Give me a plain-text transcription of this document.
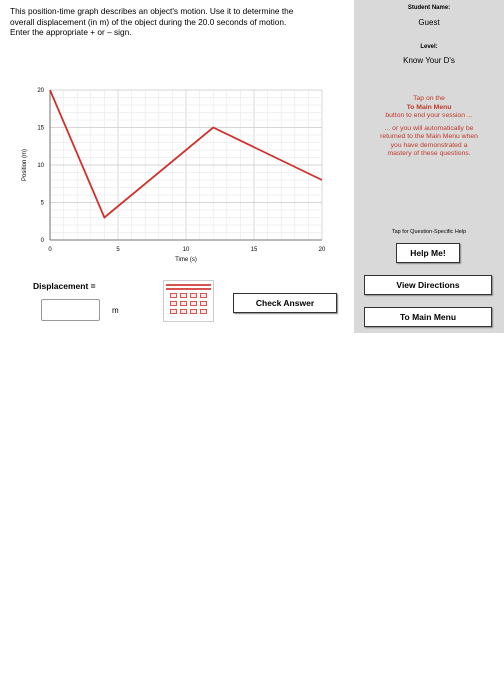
This position-time graph describes an object's motion. Use it to determine the
overall displacement (in m) of the object during the 20.0 seconds of motion.
Enter the appropriate + or – sign.
0	5	10	15	20
0
5
10
15
20
Time (s)
Position (m)
Displacement =
m
Check Answer
Student Name:
Guest
Level:
Know Your D's
Tap on the
To Main Menu
button to end your session ...
... or you will automatically be
returned to the Main Menu when
you have demonstrated a
mastery of these questions.
Tap for Question-Specific Help
Help Me!
View Directions
To Main Menu
